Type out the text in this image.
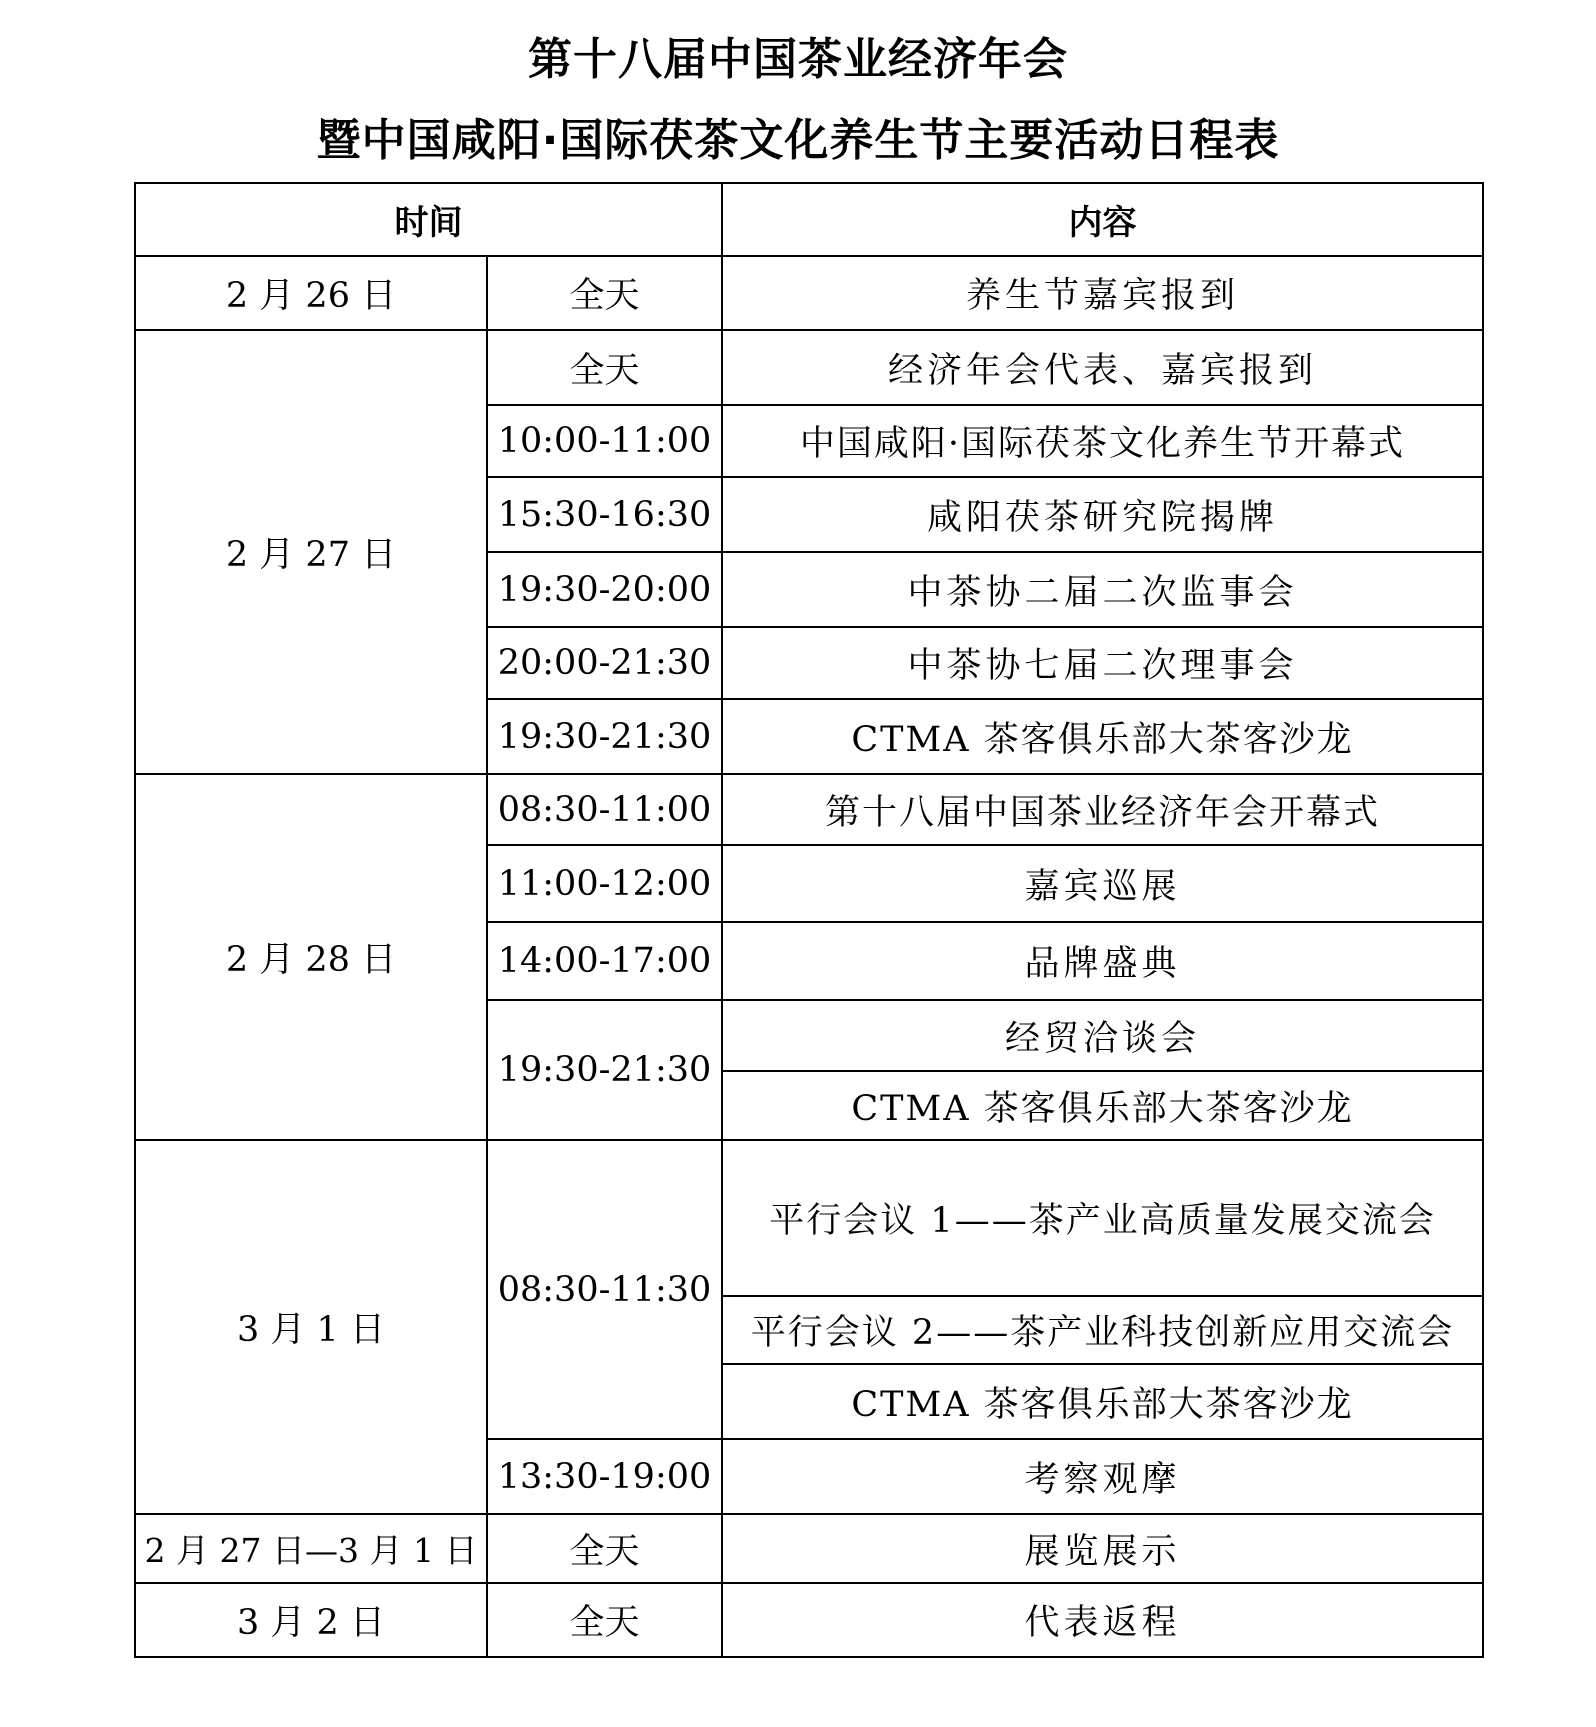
第十八届中国茶业经济年会
暨中国咸阳·国际茯茶文化养生节主要活动日程表
时间		内容
2 月 26 日	全天	养生节嘉宾报到
2 月 27 日	全天	经济年会代表、嘉宾报到
	10:00-11:00	中国咸阳·国际茯茶文化养生节开幕式
	15:30-16:30	咸阳茯茶研究院揭牌
	19:30-20:00	中茶协二届二次监事会
	20:00-21:30	中茶协七届二次理事会
	19:30-21:30	CTMA 茶客俱乐部大茶客沙龙
2 月 28 日	08:30-11:00	第十八届中国茶业经济年会开幕式
	11:00-12:00	嘉宾巡展
	14:00-17:00	品牌盛典
	19:30-21:30	经贸洽谈会
		CTMA 茶客俱乐部大茶客沙龙
3 月 1 日	08:30-11:30	平行会议 1——茶产业高质量发展交流会
		平行会议 2——茶产业科技创新应用交流会
		CTMA 茶客俱乐部大茶客沙龙
	13:30-19:00	考察观摩
2 月 27 日—3 月 1 日	全天	展览展示
3 月 2 日	全天	代表返程
